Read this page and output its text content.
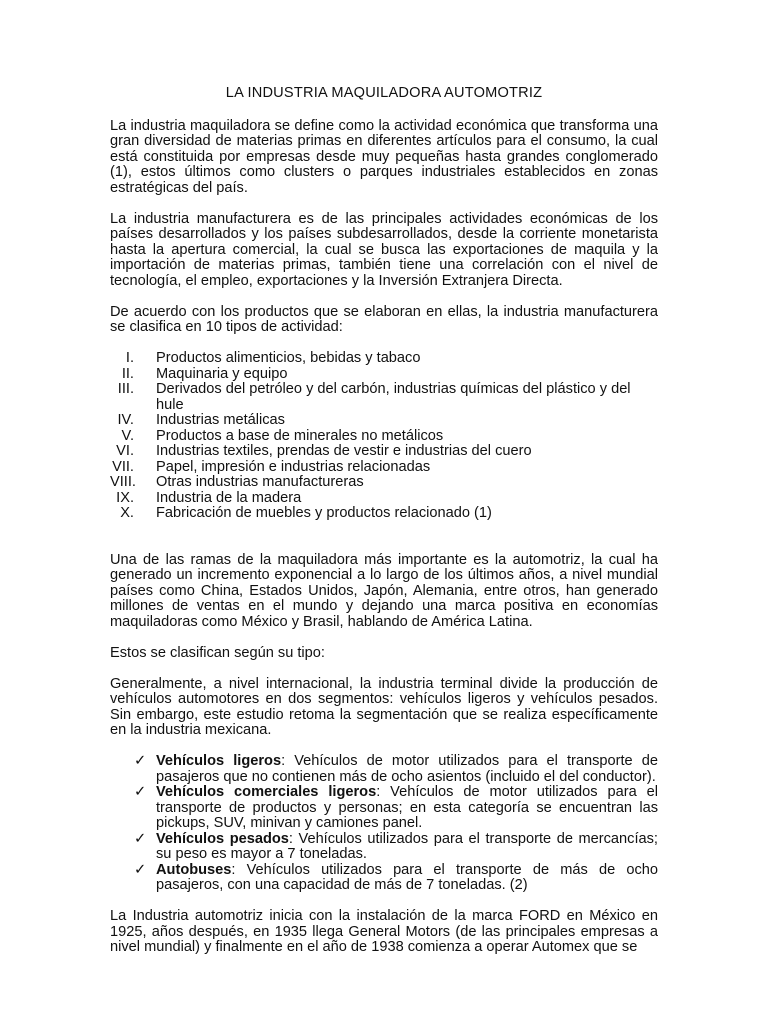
LA INDUSTRIA MAQUILADORA AUTOMOTRIZ

La industria maquiladora se define como la actividad económica que transforma una gran diversidad de materias primas en diferentes artículos para el consumo, la cual está constituida por empresas desde muy pequeñas hasta grandes conglomerado (1), estos últimos como clusters o parques industriales establecidos en zonas estratégicas del país.

La industria manufacturera es de las principales actividades económicas de los países desarrollados y los países subdesarrollados, desde la corriente monetarista hasta la apertura comercial, la cual se busca las exportaciones de maquila y la importación de materias primas, también tiene una correlación con el nivel de tecnología, el empleo, exportaciones y la Inversión Extranjera Directa.

De acuerdo con los productos que se elaboran en ellas, la industria manufacturera se clasifica en 10 tipos de actividad:

I.	Productos alimenticios, bebidas y tabaco
II.	Maquinaria y equipo
III.	Derivados del petróleo y del carbón, industrias químicas del plástico y del hule
IV.	Industrias metálicas
V.	Productos a base de minerales no metálicos
VI.	Industrias textiles, prendas de vestir e industrias del cuero
VII.	Papel, impresión e industrias relacionadas
VIII.	Otras industrias manufactureras
IX.	Industria de la madera
X.	Fabricación de muebles y productos relacionado (1)

Una de las ramas de la maquiladora más importante es la automotriz, la cual ha generado un incremento exponencial a lo largo de los últimos años, a nivel mundial países como China, Estados Unidos, Japón, Alemania, entre otros, han generado millones de ventas en el mundo y dejando una marca positiva en economías maquiladoras como México y Brasil, hablando de América Latina.

Estos se clasifican según su tipo:

Generalmente, a nivel internacional, la industria terminal divide la producción de vehículos automotores en dos segmentos: vehículos ligeros y vehículos pesados. Sin embargo, este estudio retoma la segmentación que se realiza específicamente en la industria mexicana.

✓ Vehículos ligeros: Vehículos de motor utilizados para el transporte de pasajeros que no contienen más de ocho asientos (incluido el del conductor).
✓ Vehículos comerciales ligeros: Vehículos de motor utilizados para el transporte de productos y personas; en esta categoría se encuentran las pickups, SUV, minivan y camiones panel.
✓ Vehículos pesados: Vehículos utilizados para el transporte de mercancías; su peso es mayor a 7 toneladas.
✓ Autobuses: Vehículos utilizados para el transporte de más de ocho pasajeros, con una capacidad de más de 7 toneladas. (2)

La Industria automotriz inicia con la instalación de la marca FORD en México en 1925, años después, en 1935 llega General Motors (de las principales empresas a nivel mundial) y finalmente en el año de 1938 comienza a operar Automex que se
